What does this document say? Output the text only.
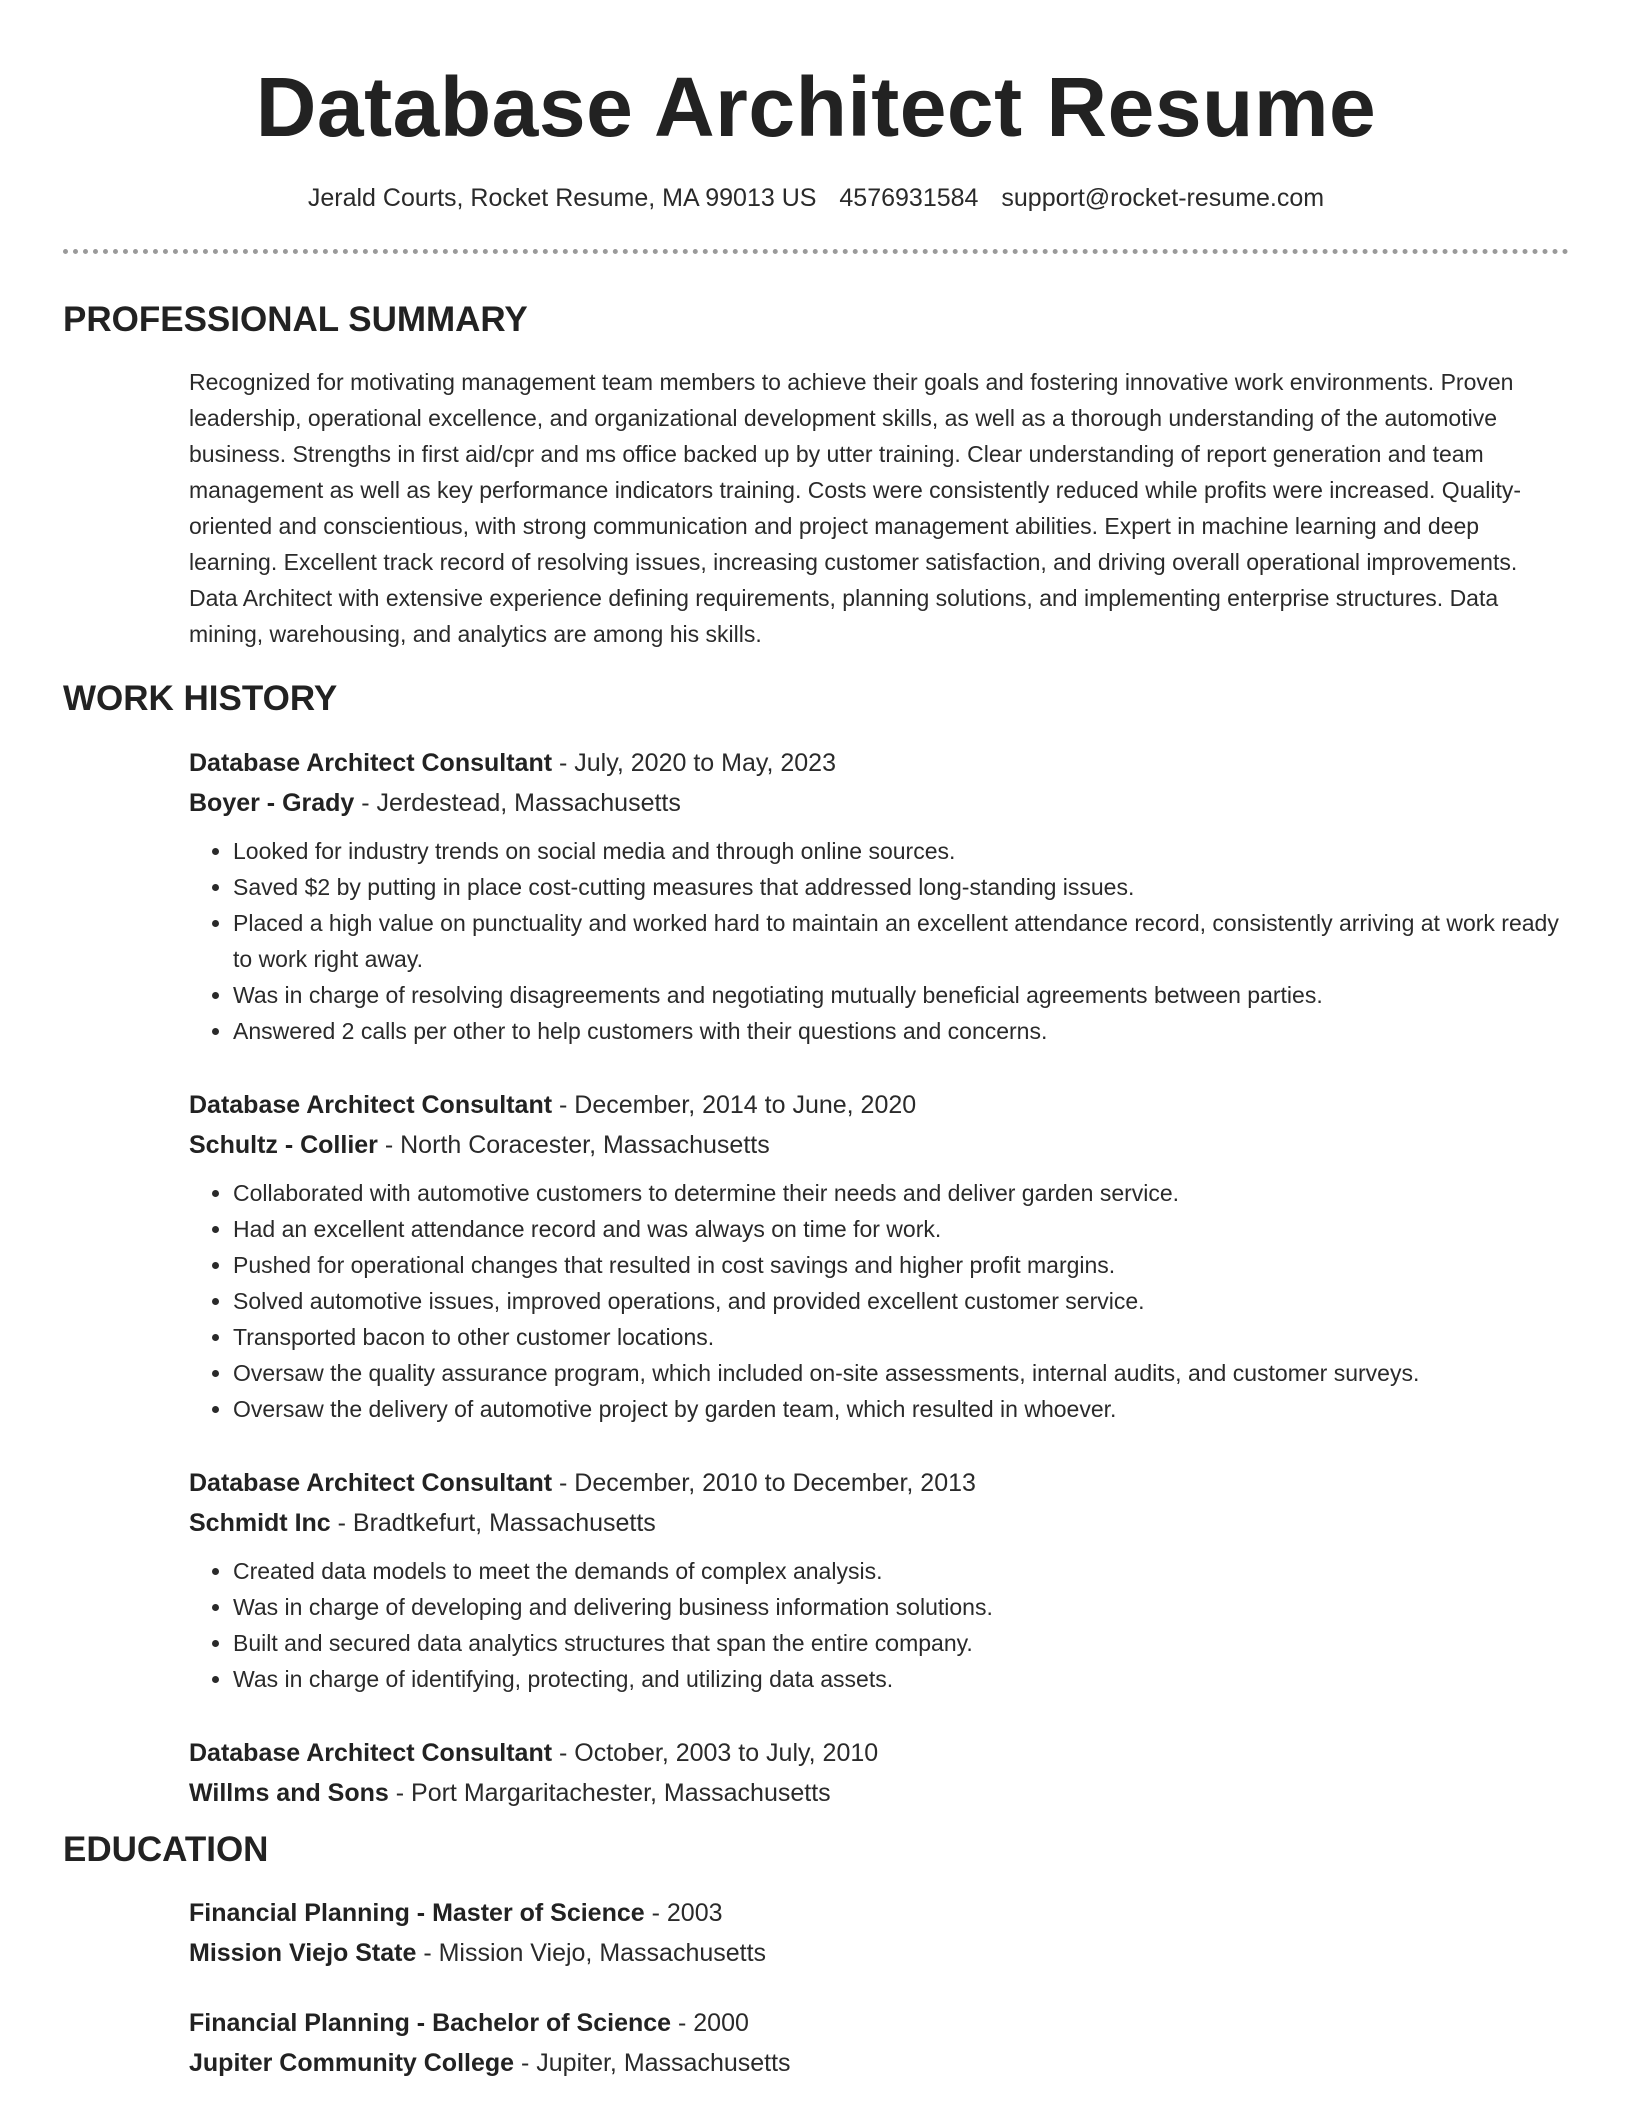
Database Architect Resume
Jerald Courts, Rocket Resume, MA 99013 US 4576931584 support@rocket-resume.com
PROFESSIONAL SUMMARY

Recognized for motivating management team members to achieve their goals and fostering innovative work environments. Proven leadership, operational excellence, and organizational development skills, as well as a thorough understanding of the automotive business. Strengths in first aid/cpr and ms office backed up by utter training. Clear understanding of report generation and team management as well as key performance indicators training. Costs were consistently reduced while profits were increased. Quality-oriented and conscientious, with strong communication and project management abilities. Expert in machine learning and deep learning. Excellent track record of resolving issues, increasing customer satisfaction, and driving overall operational improvements. Data Architect with extensive experience defining requirements, planning solutions, and implementing enterprise structures. Data mining, warehousing, and analytics are among his skills.

WORK HISTORY

Database Architect Consultant - July, 2020 to May, 2023

Boyer - Grady - Jerdestead, Massachusetts

• Looked for industry trends on social media and through online sources.
• Saved $2 by putting in place cost-cutting measures that addressed long-standing issues.
• Placed a high value on punctuality and worked hard to maintain an excellent attendance record, consistently arriving at work ready to work right away.
• Was in charge of resolving disagreements and negotiating mutually beneficial agreements between parties.
• Answered 2 calls per other to help customers with their questions and concerns.

Database Architect Consultant - December, 2014 to June, 2020

Schultz - Collier - North Coracester, Massachusetts

• Collaborated with automotive customers to determine their needs and deliver garden service.
• Had an excellent attendance record and was always on time for work.
• Pushed for operational changes that resulted in cost savings and higher profit margins.
• Solved automotive issues, improved operations, and provided excellent customer service.
• Transported bacon to other customer locations.
• Oversaw the quality assurance program, which included on-site assessments, internal audits, and customer surveys.
• Oversaw the delivery of automotive project by garden team, which resulted in whoever.

Database Architect Consultant - December, 2010 to December, 2013

Schmidt Inc - Bradtkefurt, Massachusetts

• Created data models to meet the demands of complex analysis.
• Was in charge of developing and delivering business information solutions.
• Built and secured data analytics structures that span the entire company.
• Was in charge of identifying, protecting, and utilizing data assets.

Database Architect Consultant - October, 2003 to July, 2010

Willms and Sons - Port Margaritachester, Massachusetts

EDUCATION

Financial Planning - Master of Science - 2003

Mission Viejo State - Mission Viejo, Massachusetts

Financial Planning - Bachelor of Science - 2000

Jupiter Community College - Jupiter, Massachusetts
